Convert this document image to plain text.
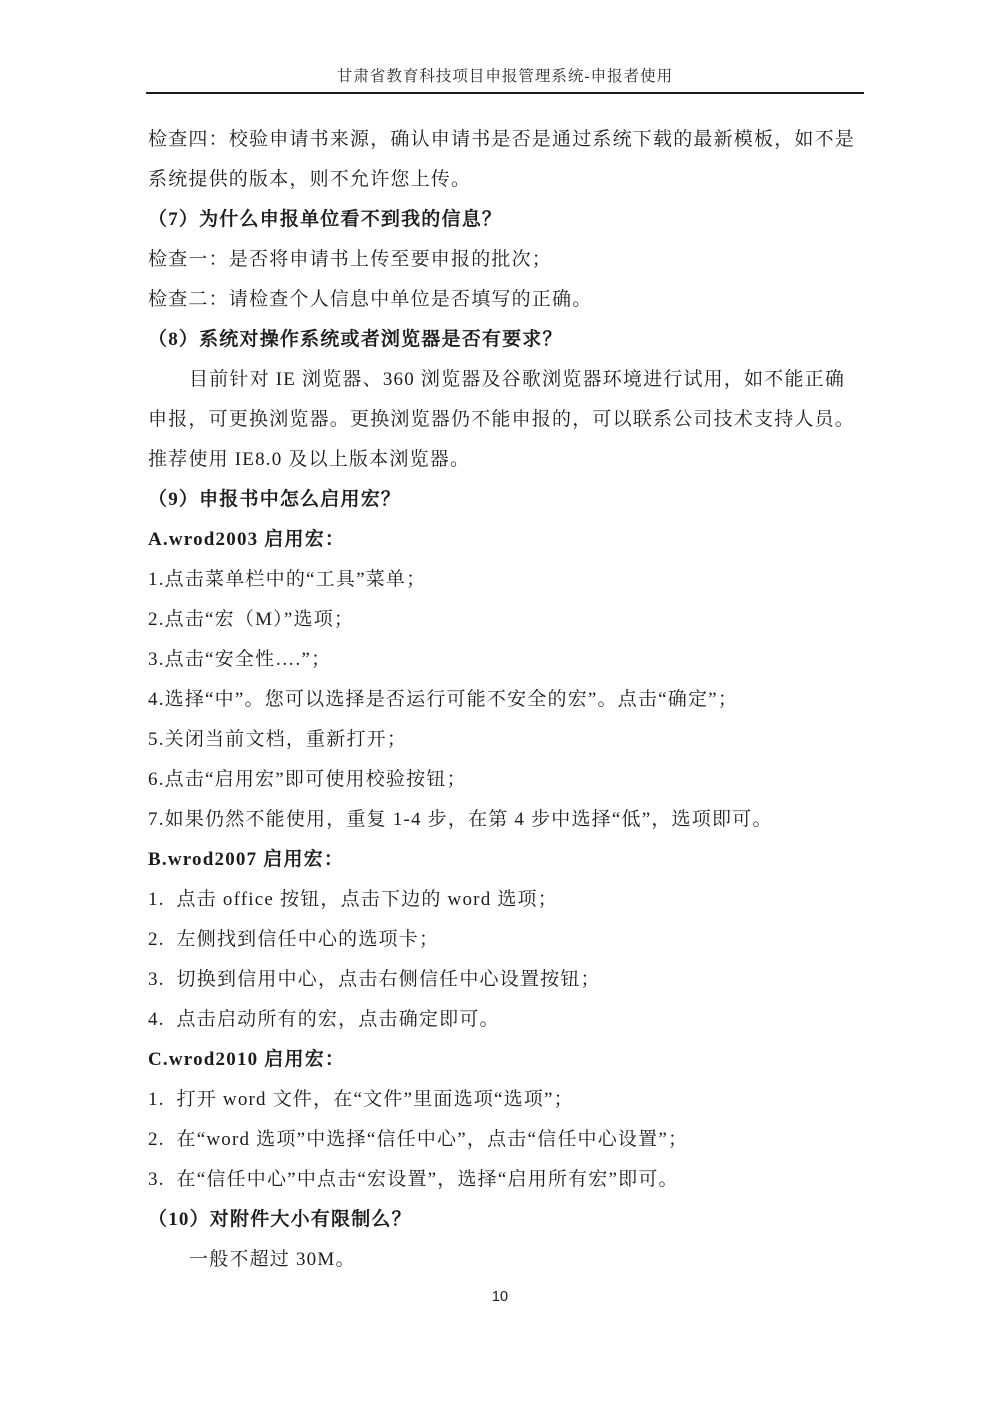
甘肃省教育科技项目申报管理系统-申报者使用
检查四：校验申请书来源，确认申请书是否是通过系统下载的最新模板，如不是
系统提供的版本，则不允许您上传。
（7）为什么申报单位看不到我的信息？
检查一：是否将申请书上传至要申报的批次；
检查二：请检查个人信息中单位是否填写的正确。
（8）系统对操作系统或者浏览器是否有要求？
目前针对 IE 浏览器、360 浏览器及谷歌浏览器环境进行试用，如不能正确
申报，可更换浏览器。更换浏览器仍不能申报的，可以联系公司技术支持人员。
推荐使用 IE8.0 及以上版本浏览器。
（9）申报书中怎么启用宏？
A.wrod2003 启用宏：
1.点击菜单栏中的“工具”菜单；
2.点击“宏（M）”选项；
3.点击“安全性….”；
4.选择“中”。您可以选择是否运行可能不安全的宏”。点击“确定”；
5.关闭当前文档，重新打开；
6.点击“启用宏”即可使用校验按钮；
7.如果仍然不能使用，重复 1-4 步，在第 4 步中选择“低”，选项即可。
B.wrod2007 启用宏：
1.  点击 office 按钮，点击下边的 word 选项；
2.  左侧找到信任中心的选项卡；
3.  切换到信用中心，点击右侧信任中心设置按钮；
4.  点击启动所有的宏，点击确定即可。
C.wrod2010 启用宏：
1.  打开 word 文件，在“文件”里面选项“选项”；
2.  在“word 选项”中选择“信任中心”，点击“信任中心设置”；
3.  在“信任中心”中点击“宏设置”，选择“启用所有宏”即可。
（10）对附件大小有限制么？
一般不超过 30M。
10
